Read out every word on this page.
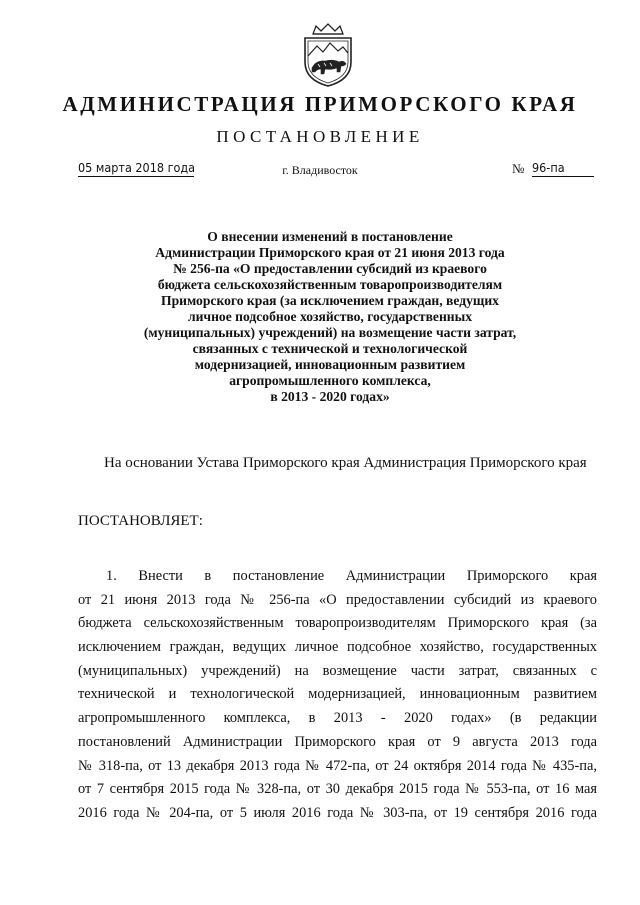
АДМИНИСТРАЦИЯ ПРИМОРСКОГО КРАЯ
ПОСТАНОВЛЕНИЕ
05 марта 2018 года	г. Владивосток	№ 96-па
О внесении изменений в постановление
Администрации Приморского края от 21 июня 2013 года
№ 256-па «О предоставлении субсидий из краевого
бюджета сельскохозяйственным товаропроизводителям
Приморского края (за исключением граждан, ведущих
личное подсобное хозяйство, государственных
(муниципальных) учреждений) на возмещение части затрат,
связанных с технической и технологической
модернизацией, инновационным развитием
агропромышленного комплекса,
в 2013 - 2020 годах»
На основании Устава Приморского края Администрация Приморского края
ПОСТАНОВЛЯЕТ:
1. Внести в постановление Администрации Приморского края
от 21 июня 2013 года № 256-па «О предоставлении субсидий из краевого
бюджета сельскохозяйственным товаропроизводителям Приморского края (за
исключением граждан, ведущих личное подсобное хозяйство, государственных
(муниципальных) учреждений) на возмещение части затрат, связанных с
технической и технологической модернизацией, инновационным развитием
агропромышленного комплекса, в 2013 - 2020 годах» (в редакции
постановлений Администрации Приморского края от 9 августа 2013 года
№ 318-па, от 13 декабря 2013 года № 472-па, от 24 октября 2014 года № 435-па,
от 7 сентября 2015 года № 328-па, от 30 декабря 2015 года № 553-па, от 16 мая
2016 года № 204-па, от 5 июля 2016 года № 303-па, от 19 сентября 2016 года
